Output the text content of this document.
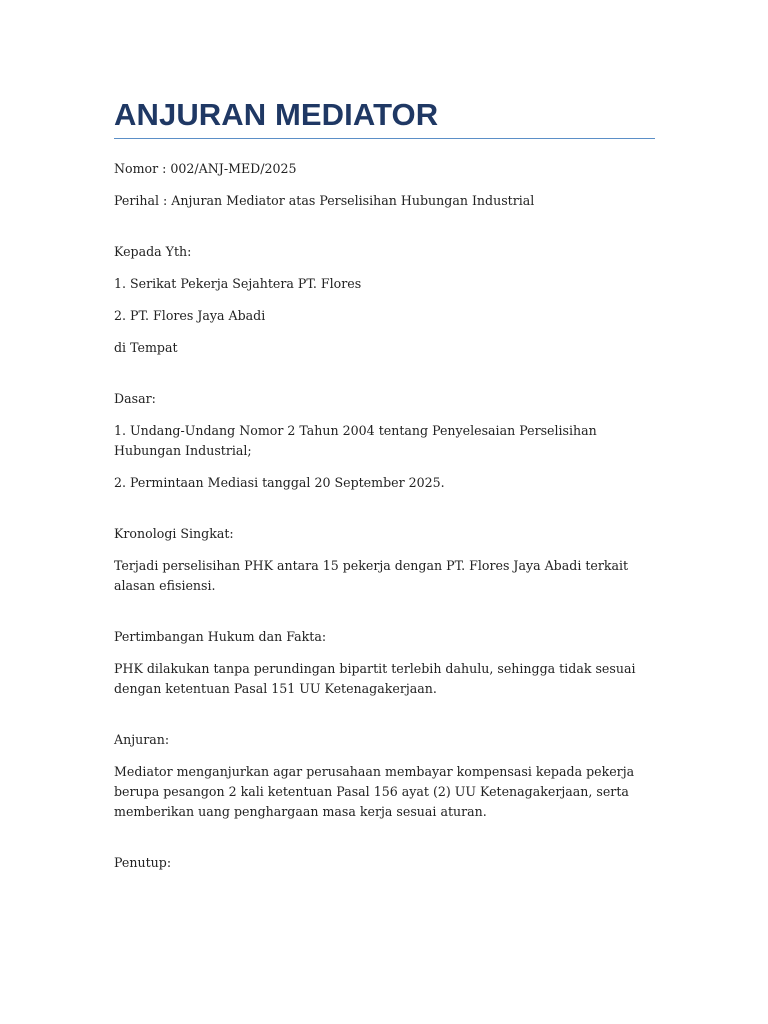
ANJURAN MEDIATOR

Nomor : 002/ANJ-MED/2025

Perihal : Anjuran Mediator atas Perselisihan Hubungan Industrial

Kepada Yth:

1. Serikat Pekerja Sejahtera PT. Flores

2. PT. Flores Jaya Abadi

di Tempat

Dasar:

1. Undang-Undang Nomor 2 Tahun 2004 tentang Penyelesaian Perselisihan Hubungan Industrial;

2. Permintaan Mediasi tanggal 20 September 2025.

Kronologi Singkat:

Terjadi perselisihan PHK antara 15 pekerja dengan PT. Flores Jaya Abadi terkait alasan efisiensi.

Pertimbangan Hukum dan Fakta:

PHK dilakukan tanpa perundingan bipartit terlebih dahulu, sehingga tidak sesuai dengan ketentuan Pasal 151 UU Ketenagakerjaan.

Anjuran:

Mediator menganjurkan agar perusahaan membayar kompensasi kepada pekerja berupa pesangon 2 kali ketentuan Pasal 156 ayat (2) UU Ketenagakerjaan, serta memberikan uang penghargaan masa kerja sesuai aturan.

Penutup:
